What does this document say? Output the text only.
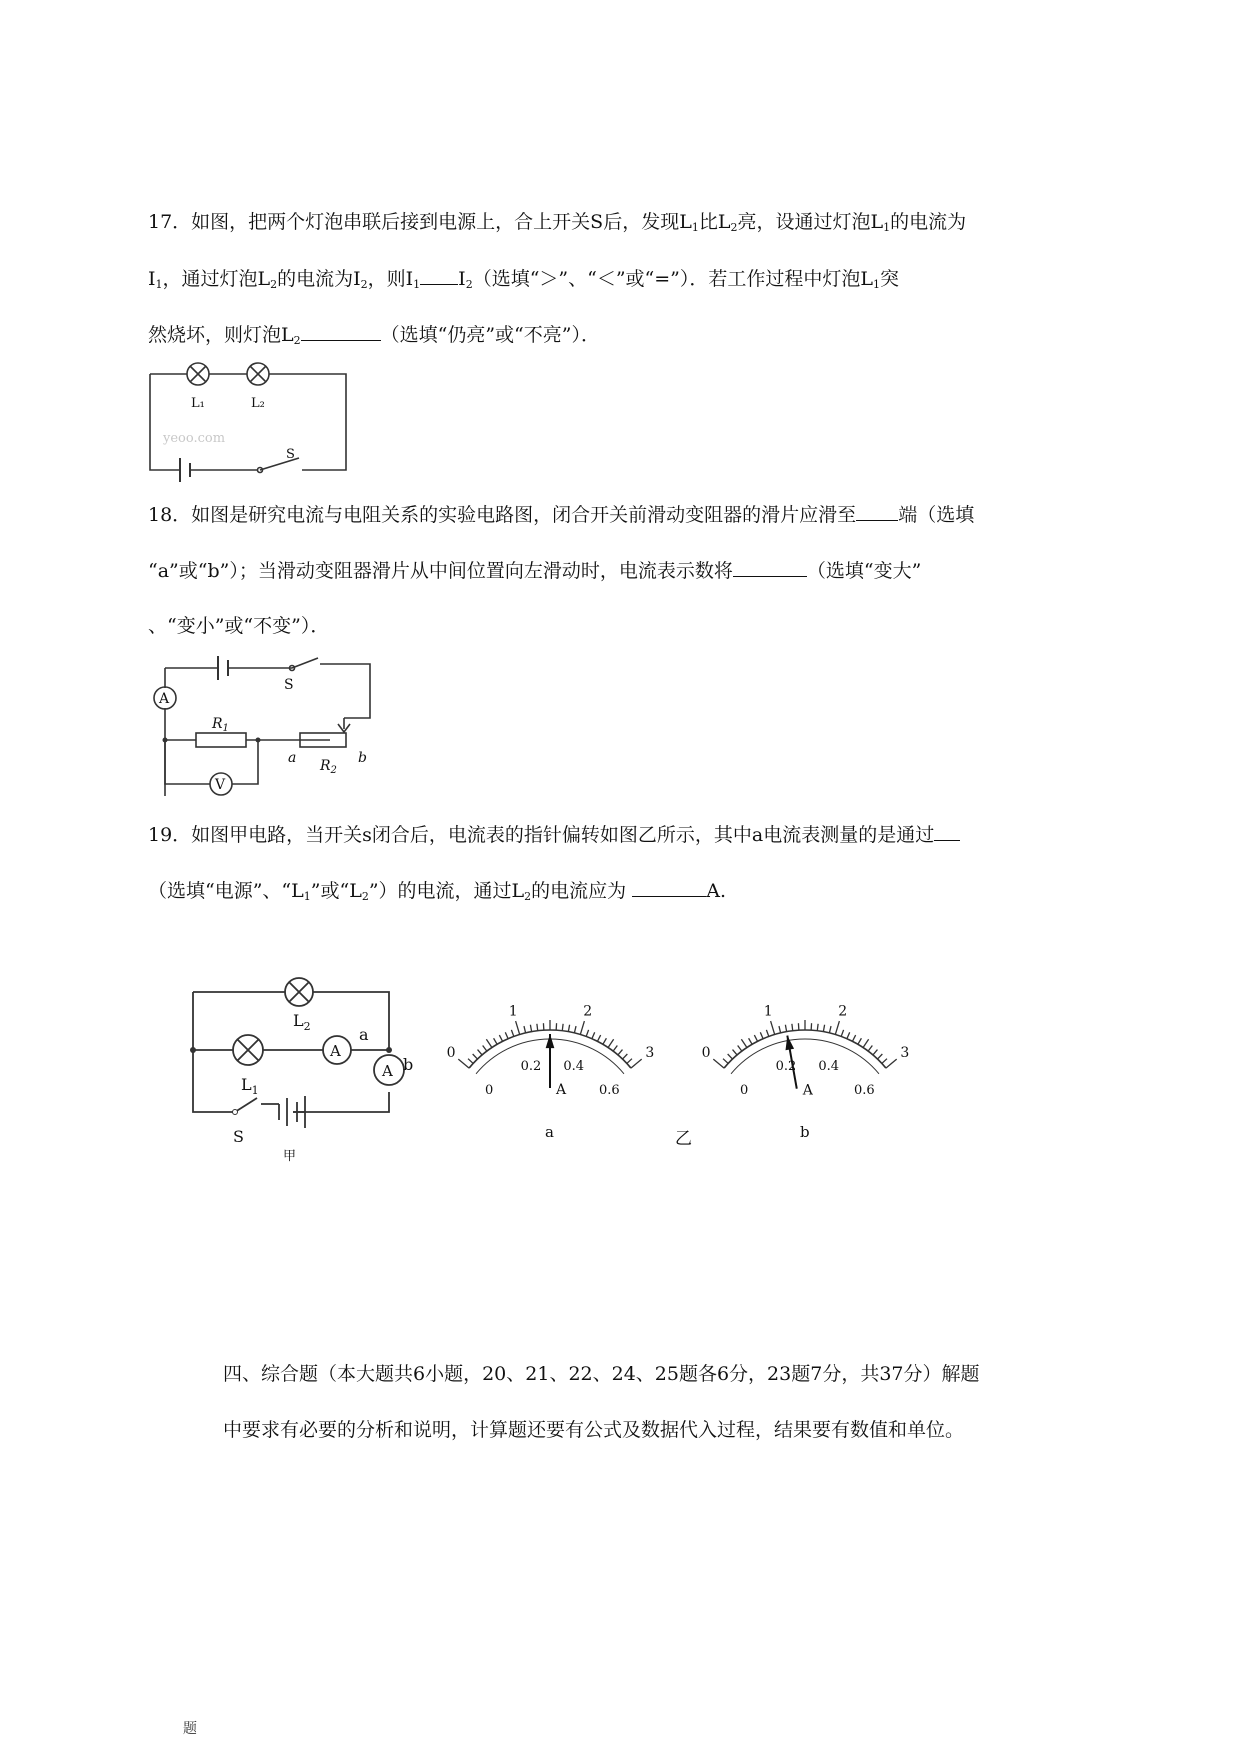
17．如图，把两个灯泡串联后接到电源上，合上开关S后，发现$L_1$比$L_2$亮，设通过灯泡$L_1$的电流为
$I_1$，通过灯泡$L_2$的电流为$I_2$，则$I_1$ $I_2$（选填“＞”、“＜”或“=”）．若工作过程中灯泡$L_1$突
然烧坏，则灯泡$L_2$	（选填“仍亮”或“不亮”）．
L₁	L₂
S
yeoo.com
18．如图是研究电流与电阻关系的实验电路图，闭合开关前滑动变阻器的滑片应滑至 端（选填
“a”或“b”）；当滑动变阻器滑片从中间位置向左滑动时，电流表示数将	（选填“变大”
、“变小”或“不变”）．
A
V
S
$R_1$
$R_2$
a	b
19．如图甲电路，当开关s闭合后，电流表的指针偏转如图乙所示，其中a电流表测量的是通过
（选填“电源”、“$L_1$”或“$L_2$”）的电流，通过$L_2$的电流应为	A.
A
A
$L_1$
$L_2$	a
b
S
甲
0
1	2
3
0
0.2 0.4
0.6
A
a
0
1	2
3
0
0.2 0.4
0.6
A
b
乙
四、综合题（本大题共6小题，20、21、22、24、25题各6分，23题7分，共37分）解题
中要求有必要的分析和说明，计算题还要有公式及数据代入过程，结果要有数值和单位。
题
